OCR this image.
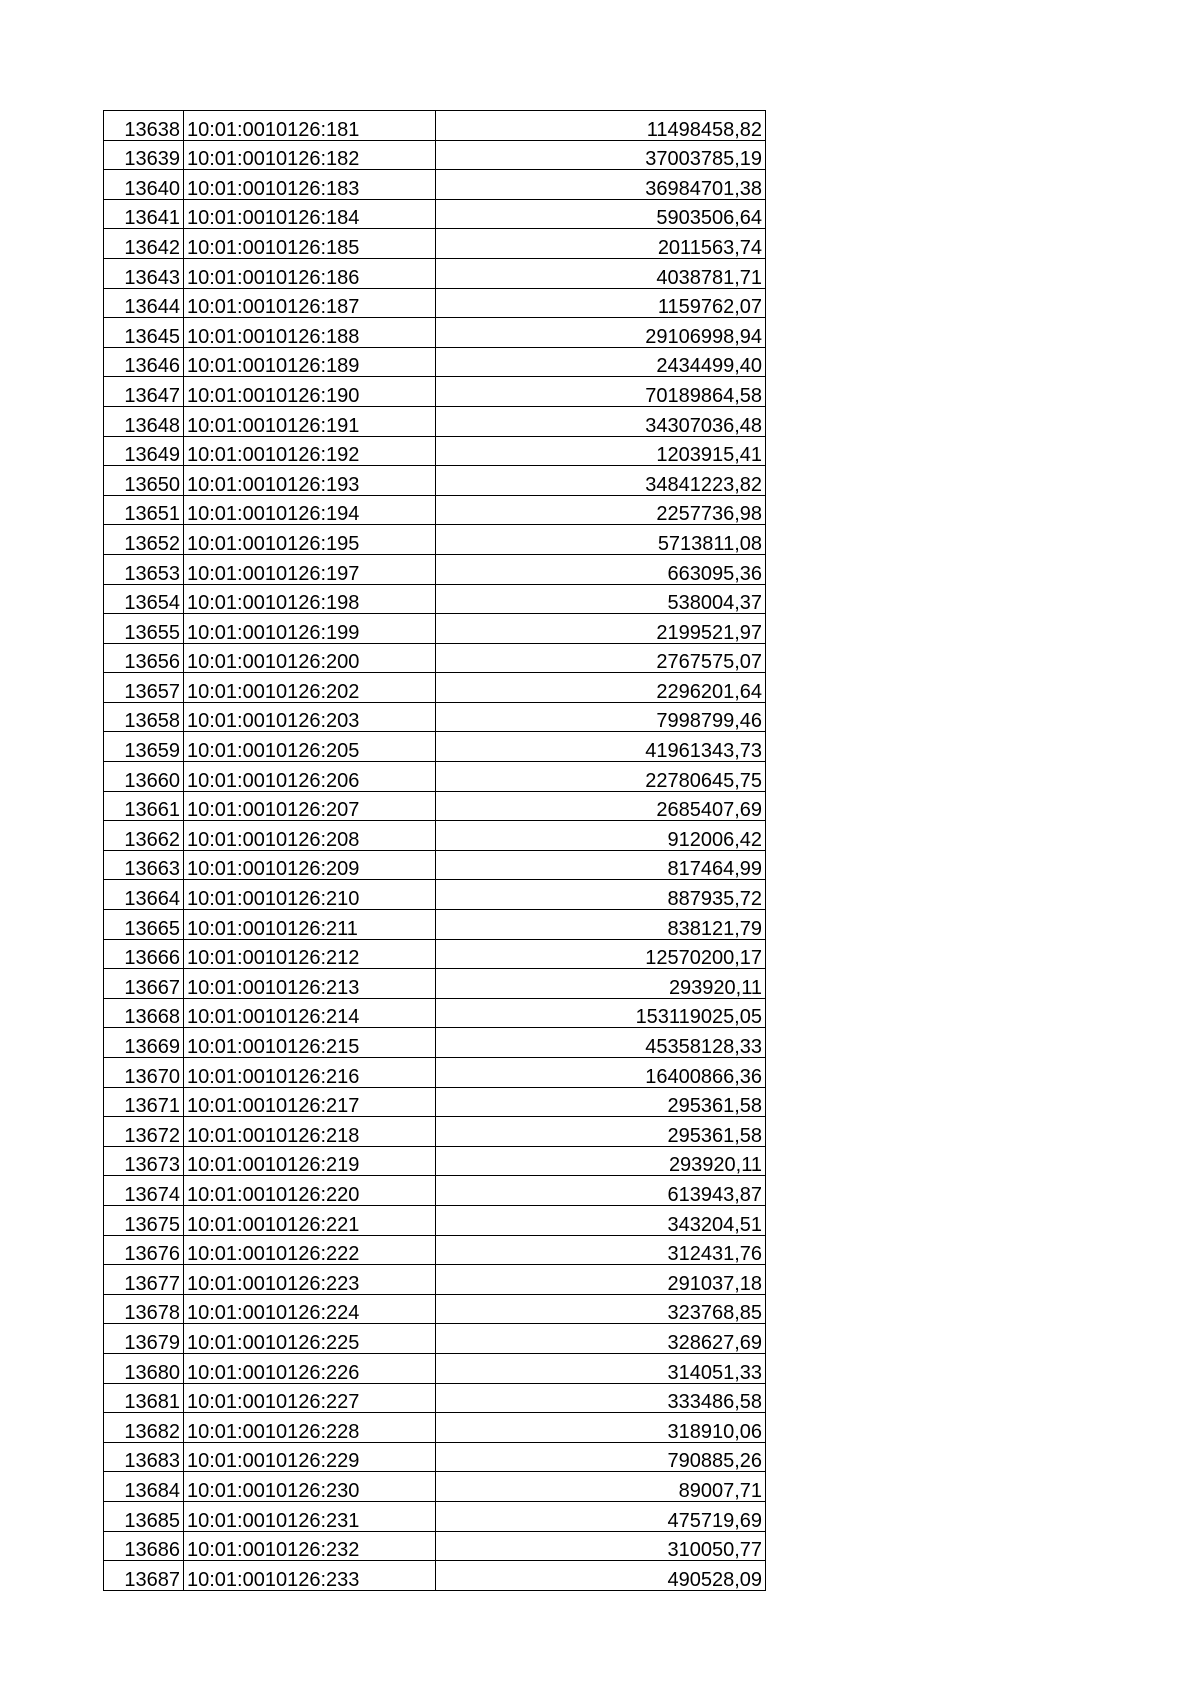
13638	10:01:0010126:181	11498458,82
13639	10:01:0010126:182	37003785,19
13640	10:01:0010126:183	36984701,38
13641	10:01:0010126:184	5903506,64
13642	10:01:0010126:185	2011563,74
13643	10:01:0010126:186	4038781,71
13644	10:01:0010126:187	1159762,07
13645	10:01:0010126:188	29106998,94
13646	10:01:0010126:189	2434499,40
13647	10:01:0010126:190	70189864,58
13648	10:01:0010126:191	34307036,48
13649	10:01:0010126:192	1203915,41
13650	10:01:0010126:193	34841223,82
13651	10:01:0010126:194	2257736,98
13652	10:01:0010126:195	5713811,08
13653	10:01:0010126:197	663095,36
13654	10:01:0010126:198	538004,37
13655	10:01:0010126:199	2199521,97
13656	10:01:0010126:200	2767575,07
13657	10:01:0010126:202	2296201,64
13658	10:01:0010126:203	7998799,46
13659	10:01:0010126:205	41961343,73
13660	10:01:0010126:206	22780645,75
13661	10:01:0010126:207	2685407,69
13662	10:01:0010126:208	912006,42
13663	10:01:0010126:209	817464,99
13664	10:01:0010126:210	887935,72
13665	10:01:0010126:211	838121,79
13666	10:01:0010126:212	12570200,17
13667	10:01:0010126:213	293920,11
13668	10:01:0010126:214	153119025,05
13669	10:01:0010126:215	45358128,33
13670	10:01:0010126:216	16400866,36
13671	10:01:0010126:217	295361,58
13672	10:01:0010126:218	295361,58
13673	10:01:0010126:219	293920,11
13674	10:01:0010126:220	613943,87
13675	10:01:0010126:221	343204,51
13676	10:01:0010126:222	312431,76
13677	10:01:0010126:223	291037,18
13678	10:01:0010126:224	323768,85
13679	10:01:0010126:225	328627,69
13680	10:01:0010126:226	314051,33
13681	10:01:0010126:227	333486,58
13682	10:01:0010126:228	318910,06
13683	10:01:0010126:229	790885,26
13684	10:01:0010126:230	89007,71
13685	10:01:0010126:231	475719,69
13686	10:01:0010126:232	310050,77
13687	10:01:0010126:233	490528,09
